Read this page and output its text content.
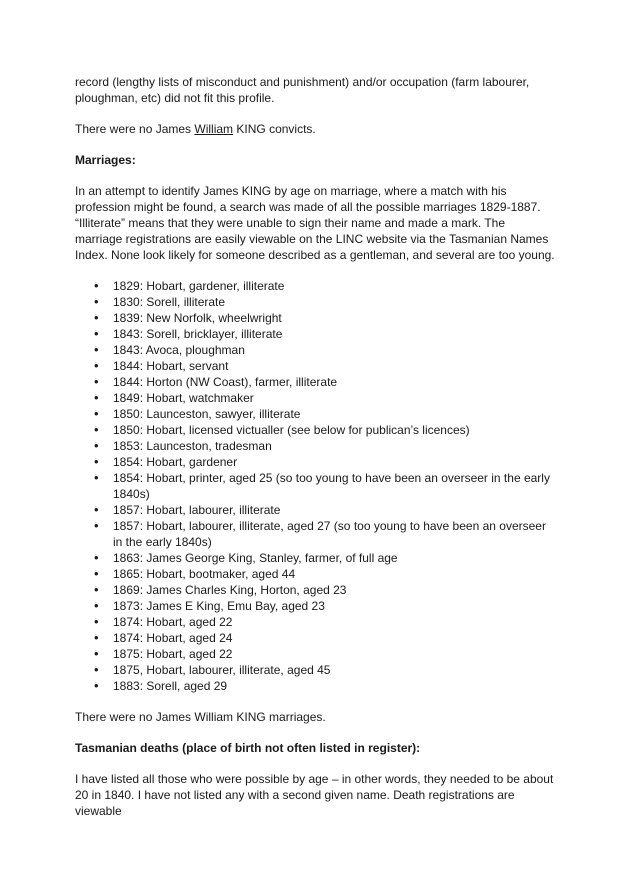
record (lengthy lists of misconduct and punishment) and/or occupation (farm labourer, ploughman, etc) did not fit this profile.

There were no James William KING convicts.

Marriages:

In an attempt to identify James KING by age on marriage, where a match with his profession might be found, a search was made of all the possible marriages 1829-1887. “Illiterate” means that they were unable to sign their name and made a mark. The marriage registrations are easily viewable on the LINC website via the Tasmanian Names Index. None look likely for someone described as a gentleman, and several are too young.

• 1829: Hobart, gardener, illiterate
• 1830: Sorell, illiterate
• 1839: New Norfolk, wheelwright
• 1843: Sorell, bricklayer, illiterate
• 1843: Avoca, ploughman
• 1844: Hobart, servant
• 1844: Horton (NW Coast), farmer, illiterate
• 1849: Hobart, watchmaker
• 1850: Launceston, sawyer, illiterate
• 1850: Hobart, licensed victualler (see below for publican’s licences)
• 1853: Launceston, tradesman
• 1854: Hobart, gardener
• 1854: Hobart, printer, aged 25 (so too young to have been an overseer in the early 1840s)
• 1857: Hobart, labourer, illiterate
• 1857: Hobart, labourer, illiterate, aged 27 (so too young to have been an overseer in the early 1840s)
• 1863: James George King, Stanley, farmer, of full age
• 1865: Hobart, bootmaker, aged 44
• 1869: James Charles King, Horton, aged 23
• 1873: James E King, Emu Bay, aged 23
• 1874: Hobart, aged 22
• 1874: Hobart, aged 24
• 1875: Hobart, aged 22
• 1875, Hobart, labourer, illiterate, aged 45
• 1883: Sorell, aged 29

There were no James William KING marriages.

Tasmanian deaths (place of birth not often listed in register):

I have listed all those who were possible by age – in other words, they needed to be about 20 in 1840. I have not listed any with a second given name. Death registrations are viewable
